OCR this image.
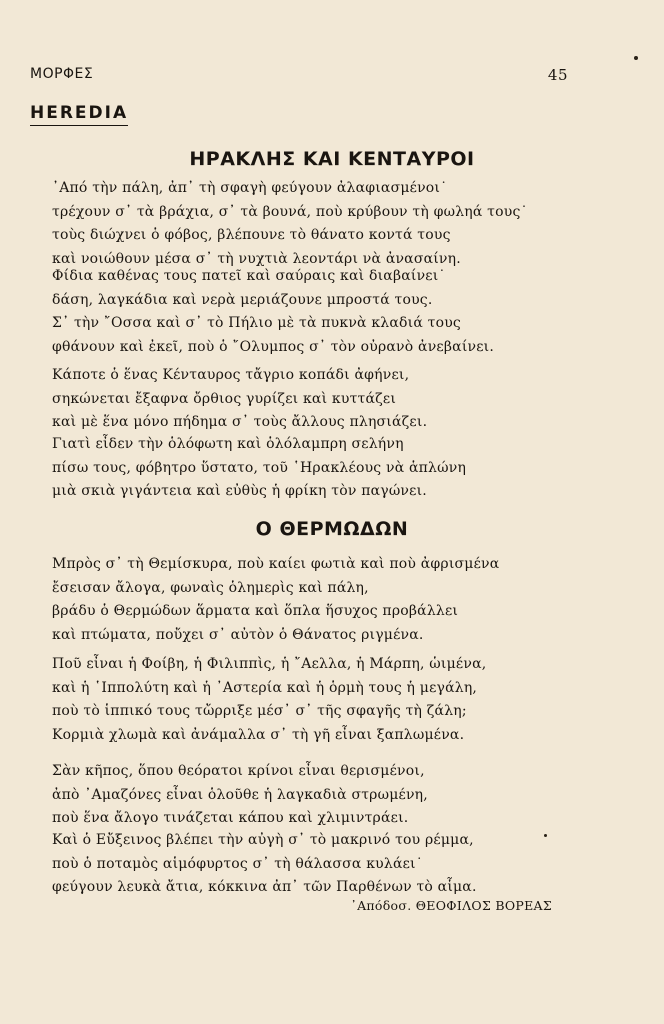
ΜΟΡΦΕΣ	45
HEREDIA
ΗΡΑΚΛΗΣ ΚΑΙ ΚΕΝΤΑΥΡΟΙ
᾿Από τὴν πάλη, ἀπ᾿ τὴ σφαγὴ φεύγουν ἀλαφιασμένοι˙
τρέχουν σ᾿ τὰ βράχια, σ᾿ τὰ βουνά, ποὺ κρύβουν τὴ φωληά τους˙
τοὺς διώχνει ὁ φόβος, βλέπουνε τὸ θάνατο κοντά τους
καὶ νοιώθουν μέσα σ᾿ τὴ νυχτιὰ λεοντάρι νὰ ἀνασαίνη.
Φίδια καθένας τους πατεῖ καὶ σαύραις καὶ διαβαίνει˙
δάση, λαγκάδια καὶ νερὰ μεριάζουνε μπροστά τους.
Σ᾿ τὴν ῎Οσσα καὶ σ᾿ τὸ Πήλιο μὲ τὰ πυκνὰ κλαδιά τους
φθάνουν καὶ ἐκεῖ, ποὺ ὁ ῎Ολυμπος σ᾿ τὸν οὐρανὸ ἀνεβαίνει.
Κάποτε ὁ ἕνας Κένταυρος τἄγριο κοπάδι ἀφήνει,
σηκώνεται ἔξαφνα ὄρθιος γυρίζει καὶ κυττάζει
καὶ μὲ ἕνα μόνο πήδημα σ᾿ τοὺς ἄλλους πλησιάζει.
Γιατὶ εἶδεν τὴν ὁλόφωτη καὶ ὁλόλαμπρη σελήνη
πίσω τους, φόβητρο ὕστατο, τοῦ ῾Ηρακλέους νὰ ἁπλώνη
μιὰ σκιὰ γιγάντεια καὶ εὐθὺς ἡ φρίκη τὸν παγώνει.
Ο ΘΕΡΜΩΔΩΝ
Μπρὸς σ᾿ τὴ Θεμίσκυρα, ποὺ καίει φωτιὰ καὶ ποὺ ἀφρισμένα
ἔσεισαν ἄλογα, φωναὶς ὁλημερὶς καὶ πάλη,
βράδυ ὁ Θερμώδων ἅρματα καὶ ὅπλα ἥσυχος προβάλλει
καὶ πτώματα, ποὔχει σ᾿ αὐτὸν ὁ Θάνατος ριγμένα.
Ποῦ εἶναι ἡ Φοίβη, ἡ Φιλιππὶς, ἡ ῎Αελλα, ἡ Μάρπη, ὡιμένα,
καὶ ἡ ῾Ιππολύτη καὶ ἡ ᾿Αστερία καὶ ἡ ὁρμὴ τους ἡ μεγάλη,
ποὺ τὸ ἱππικό τους τὤρριξε μέσ᾿ σ᾿ τῆς σφαγῆς τὴ ζάλη;
Κορμιὰ χλωμὰ καὶ ἀνάμαλλα σ᾿ τὴ γῆ εἶναι ξαπλωμένα.
Σὰν κῆπος, ὅπου θεόρατοι κρίνοι εἶναι θερισμένοι,
ἀπὸ ᾿Αμαζόνες εἶναι ὁλοῦθε ἡ λαγκαδιὰ στρωμένη,
ποὺ ἕνα ἄλογο τινάζεται κάπου καὶ χλιμιντράει.
Καὶ ὁ Εὔξεινος βλέπει τὴν αὐγὴ σ᾿ τὸ μακρινό του ρέμμα,
ποὺ ὁ ποταμὸς αἱμόφυρτος σ᾿ τὴ θάλασσα κυλάει˙
φεύγουν λευκὰ ἄτια, κόκκινα ἀπ᾿ τῶν Παρθένων τὸ αἷμα.
᾿Απόδοσ. ΘΕΟΦΙΛΟΣ ΒΟΡΕΑΣ
